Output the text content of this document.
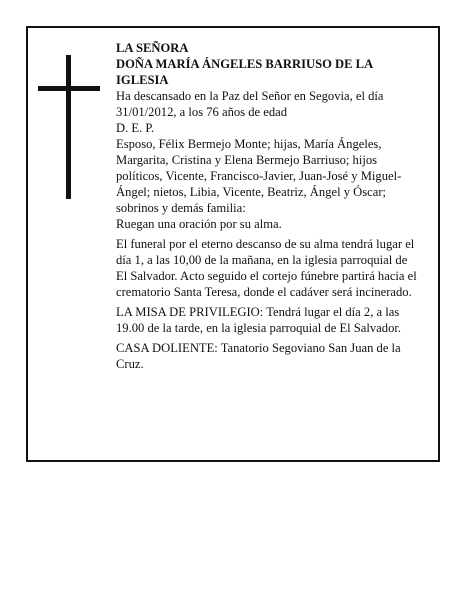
LA SEÑORA

DOÑA MARÍA ÁNGELES BARRIUSO DE LA IGLESIA

Ha descansado en la Paz del Señor en Segovia, el día 31/01/2012, a los 76 años de edad

D. E. P.

Esposo, Félix Bermejo Monte; hijas, María Ángeles, Margarita, Cristina y Elena Bermejo Barriuso; hijos políticos, Vicente, Francisco-Javier, Juan-José y Miguel-Ángel; nietos, Libia, Vicente, Beatriz, Ángel y Óscar; sobrinos y demás familia:

Ruegan una oración por su alma.

El funeral por el eterno descanso de su alma tendrá lugar el día 1, a las 10,00 de la mañana, en la iglesia parroquial de El Salvador. Acto seguido el cortejo fúnebre partirá hacia el crematorio Santa Teresa, donde el cadáver será incinerado.

LA MISA DE PRIVILEGIO: Tendrá lugar el día 2, a las 19.00 de la tarde, en la iglesia parroquial de El Salvador.

CASA DOLIENTE: Tanatorio Segoviano San Juan de la Cruz.
